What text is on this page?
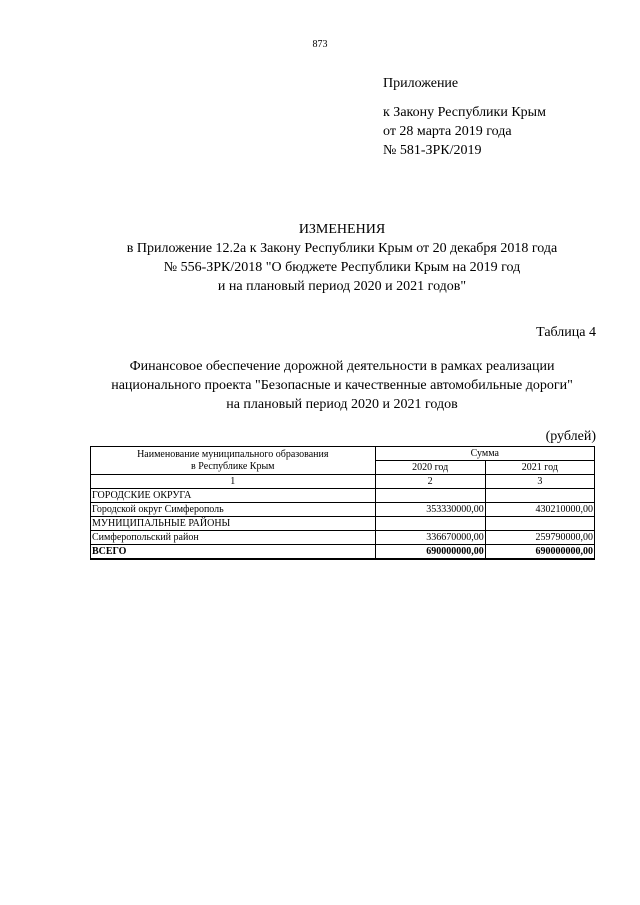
873
Приложение
к Закону Республики Крым
от 28 марта 2019 года
№ 581-ЗРК/2019
ИЗМЕНЕНИЯ
в Приложение 12.2а к Закону Республики Крым от 20 декабря 2018 года
№ 556-ЗРК/2018 "О бюджете Республики Крым на 2019 год
и на плановый период 2020 и 2021 годов"
Таблица 4
Финансовое обеспечение дорожной деятельности в рамках реализации
национального проекта "Безопасные и качественные автомобильные дороги"
на плановый период 2020 и 2021 годов
(рублей)
Наименование муниципального образования
в Республике Крым	Сумма	
	2020 год	2021 год
1	2	3
ГОРОДСКИЕ ОКРУГА		
Городской округ Симферополь	353330000,00	430210000,00
МУНИЦИПАЛЬНЫЕ РАЙОНЫ		
Симферопольский район	336670000,00	259790000,00
ВСЕГО	690000000,00	690000000,00
